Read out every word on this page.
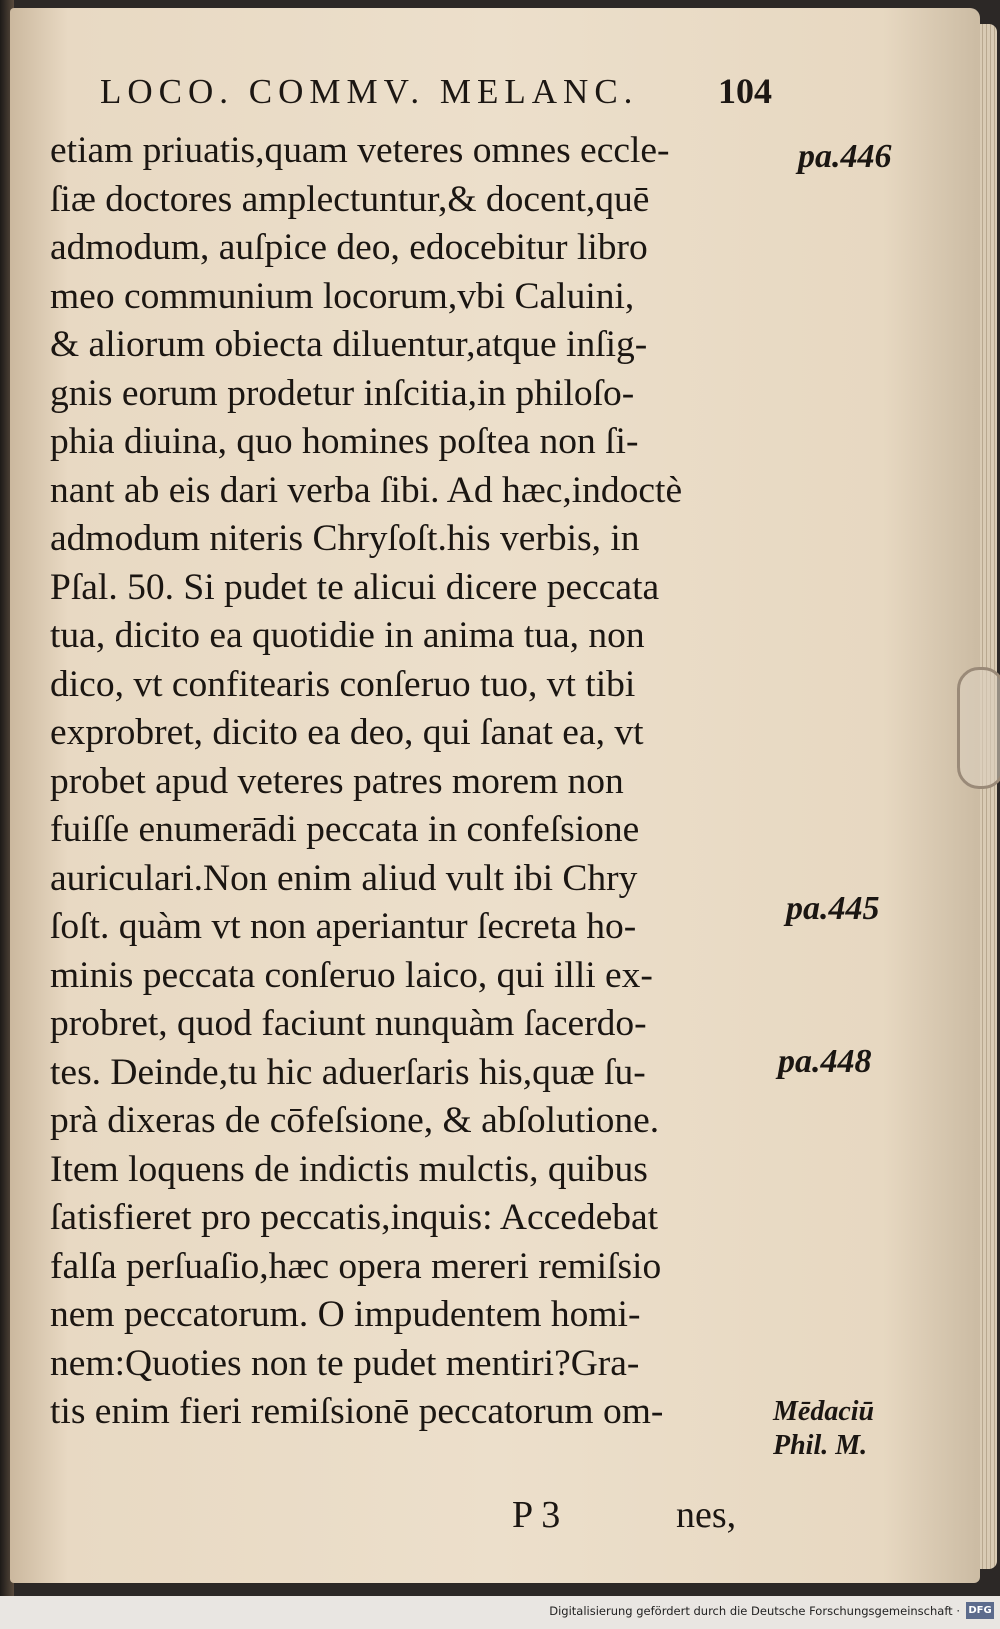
LOCO. COMMV. MELANC. 104
etiam priuatis,quam veteres omnes eccle-
ſiæ doctores amplectuntur,& docent,quē
admodum, auſpice deo, edocebitur libro
meo communium locorum,vbi Caluini,
& aliorum obiecta diluentur,atque inſig-
gnis eorum prodetur inſcitia,in philoſo-
phia diuina, quo homines poſtea non ſi-
nant ab eis dari verba ſibi. Ad hæc,indoctè
admodum niteris Chryſoſt.his verbis, in
Pſal. 50. Si pudet te alicui dicere peccata
tua, dicito ea quotidie in anima tua, non
dico, vt confitearis conſeruo tuo, vt tibi
exprobret, dicito ea deo, qui ſanat ea, vt
probet apud veteres patres morem non
fuiſſe enumerādi peccata in confeſsione
auriculari.Non enim aliud vult ibi Chry
ſoſt. quàm vt non aperiantur ſecreta ho-
minis peccata conſeruo laico, qui illi ex-
probret, quod faciunt nunquàm ſacerdo-
tes. Deinde,tu hic aduerſaris his,quæ ſu-
prà dixeras de cōfeſsione, & abſolutione.
Item loquens de indictis mulctis, quibus
ſatisfieret pro peccatis,inquis: Accedebat
falſa perſuaſio,hæc opera mereri remiſsio
nem peccatorum. O impudentem homi-
nem:Quoties non te pudet mentiri?Gra-
tis enim fieri remiſsionē peccatorum om-
pa.446
pa.445
pa.448
Mēdaciū
Phil. M.
P 3	nes,
Digitalisierung gefördert durch die Deutsche Forschungsgemeinschaft · DFG
